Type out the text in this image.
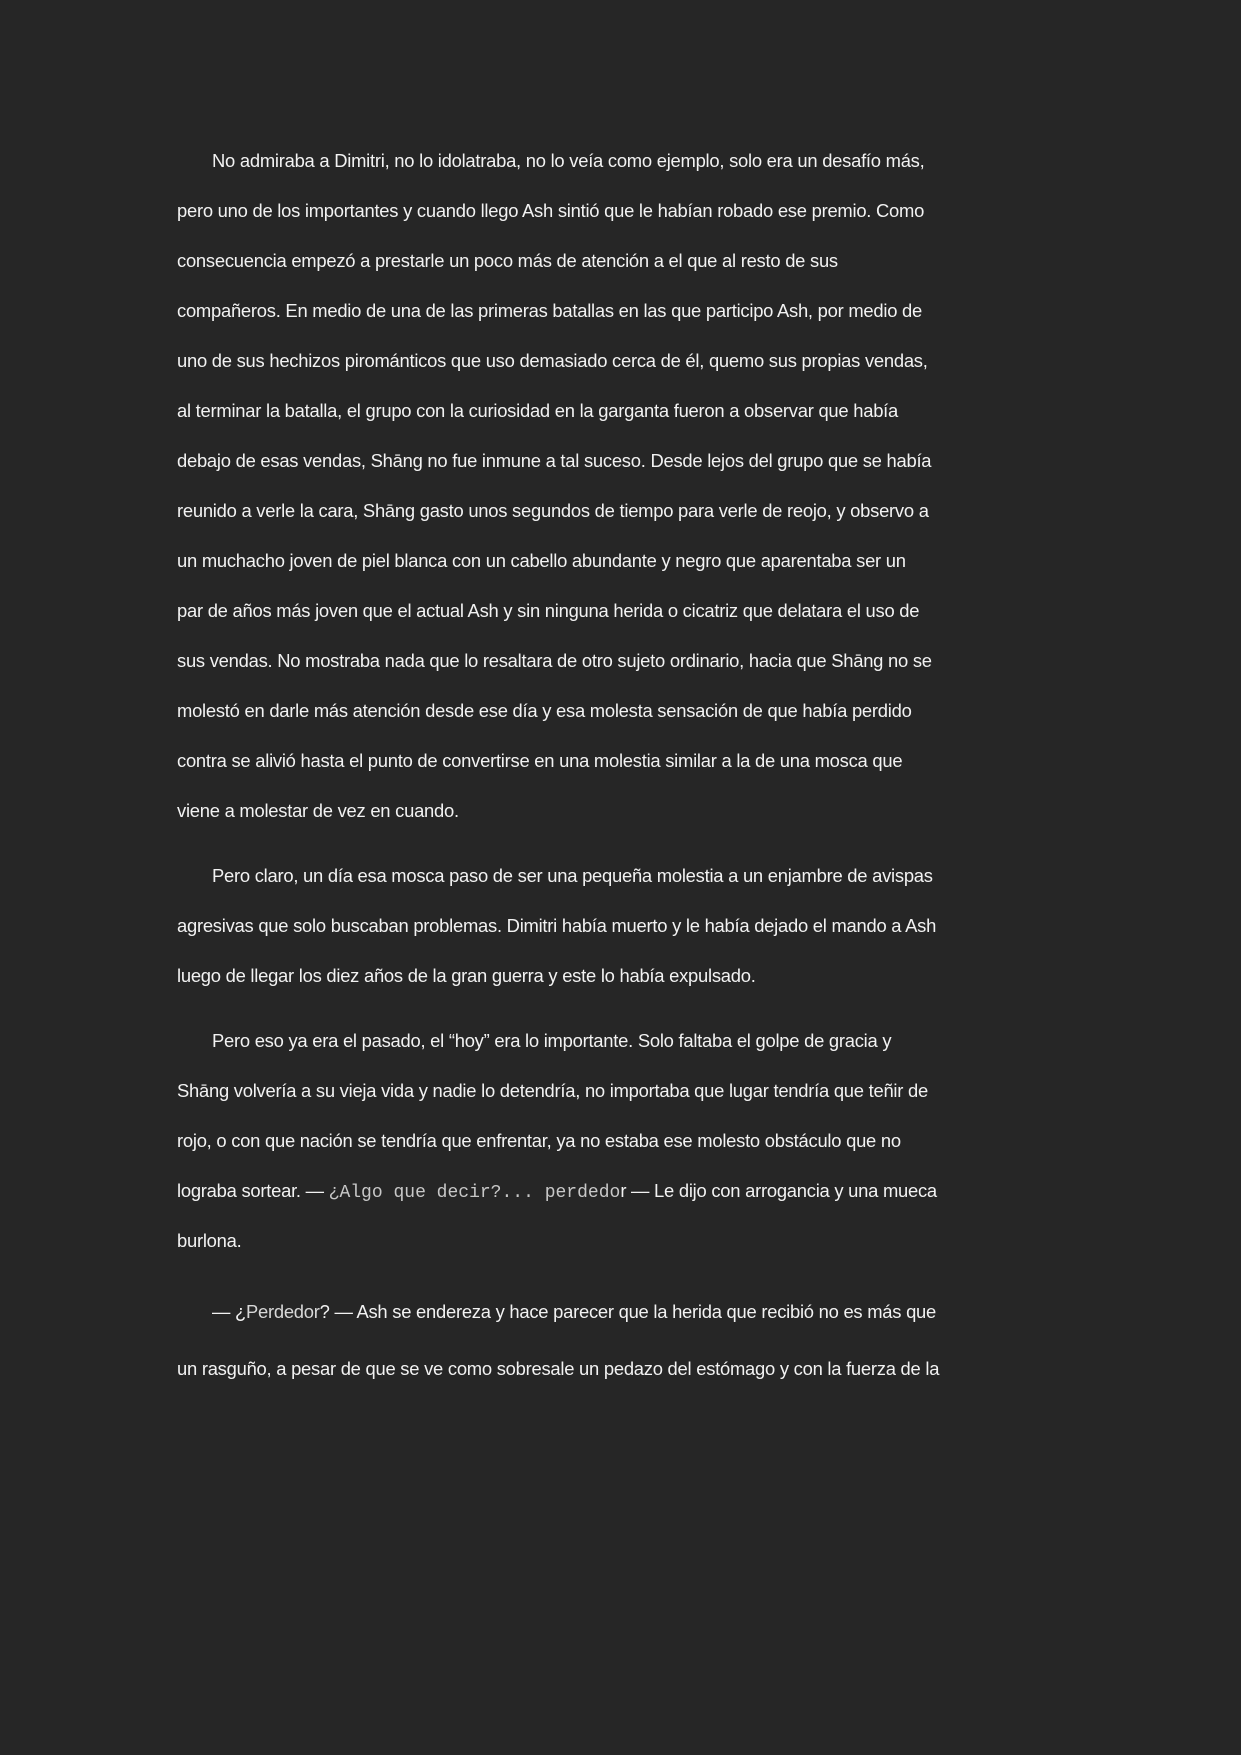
No admiraba a Dimitri, no lo idolatraba, no lo veía como ejemplo, solo era un desafío más,
pero uno de los importantes y cuando llego Ash sintió que le habían robado ese premio. Como
consecuencia empezó a prestarle un poco más de atención a el que al resto de sus
compañeros. En medio de una de las primeras batallas en las que participo Ash, por medio de
uno de sus hechizos pirománticos que uso demasiado cerca de él, quemo sus propias vendas,
al terminar la batalla, el grupo con la curiosidad en la garganta fueron a observar que había
debajo de esas vendas, Shāng no fue inmune a tal suceso. Desde lejos del grupo que se había
reunido a verle la cara, Shāng gasto unos segundos de tiempo para verle de reojo, y observo a
un muchacho joven de piel blanca con un cabello abundante y negro que aparentaba ser un
par de años más joven que el actual Ash y sin ninguna herida o cicatriz que delatara el uso de
sus vendas. No mostraba nada que lo resaltara de otro sujeto ordinario, hacia que Shāng no se
molestó en darle más atención desde ese día y esa molesta sensación de que había perdido
contra se alivió hasta el punto de convertirse en una molestia similar a la de una mosca que
viene a molestar de vez en cuando.
Pero claro, un día esa mosca paso de ser una pequeña molestia a un enjambre de avispas
agresivas que solo buscaban problemas. Dimitri había muerto y le había dejado el mando a Ash
luego de llegar los diez años de la gran guerra y este lo había expulsado.
Pero eso ya era el pasado, el “hoy” era lo importante. Solo faltaba el golpe de gracia y
Shāng volvería a su vieja vida y nadie lo detendría, no importaba que lugar tendría que teñir de
rojo, o con que nación se tendría que enfrentar, ya no estaba ese molesto obstáculo que no
lograba sortear. — ¿Algo que decir?... perdedor — Le dijo con arrogancia y una mueca
burlona.
— ¿Perdedor? — Ash se endereza y hace parecer que la herida que recibió no es más que
un rasguño, a pesar de que se ve como sobresale un pedazo del estómago y con la fuerza de la
